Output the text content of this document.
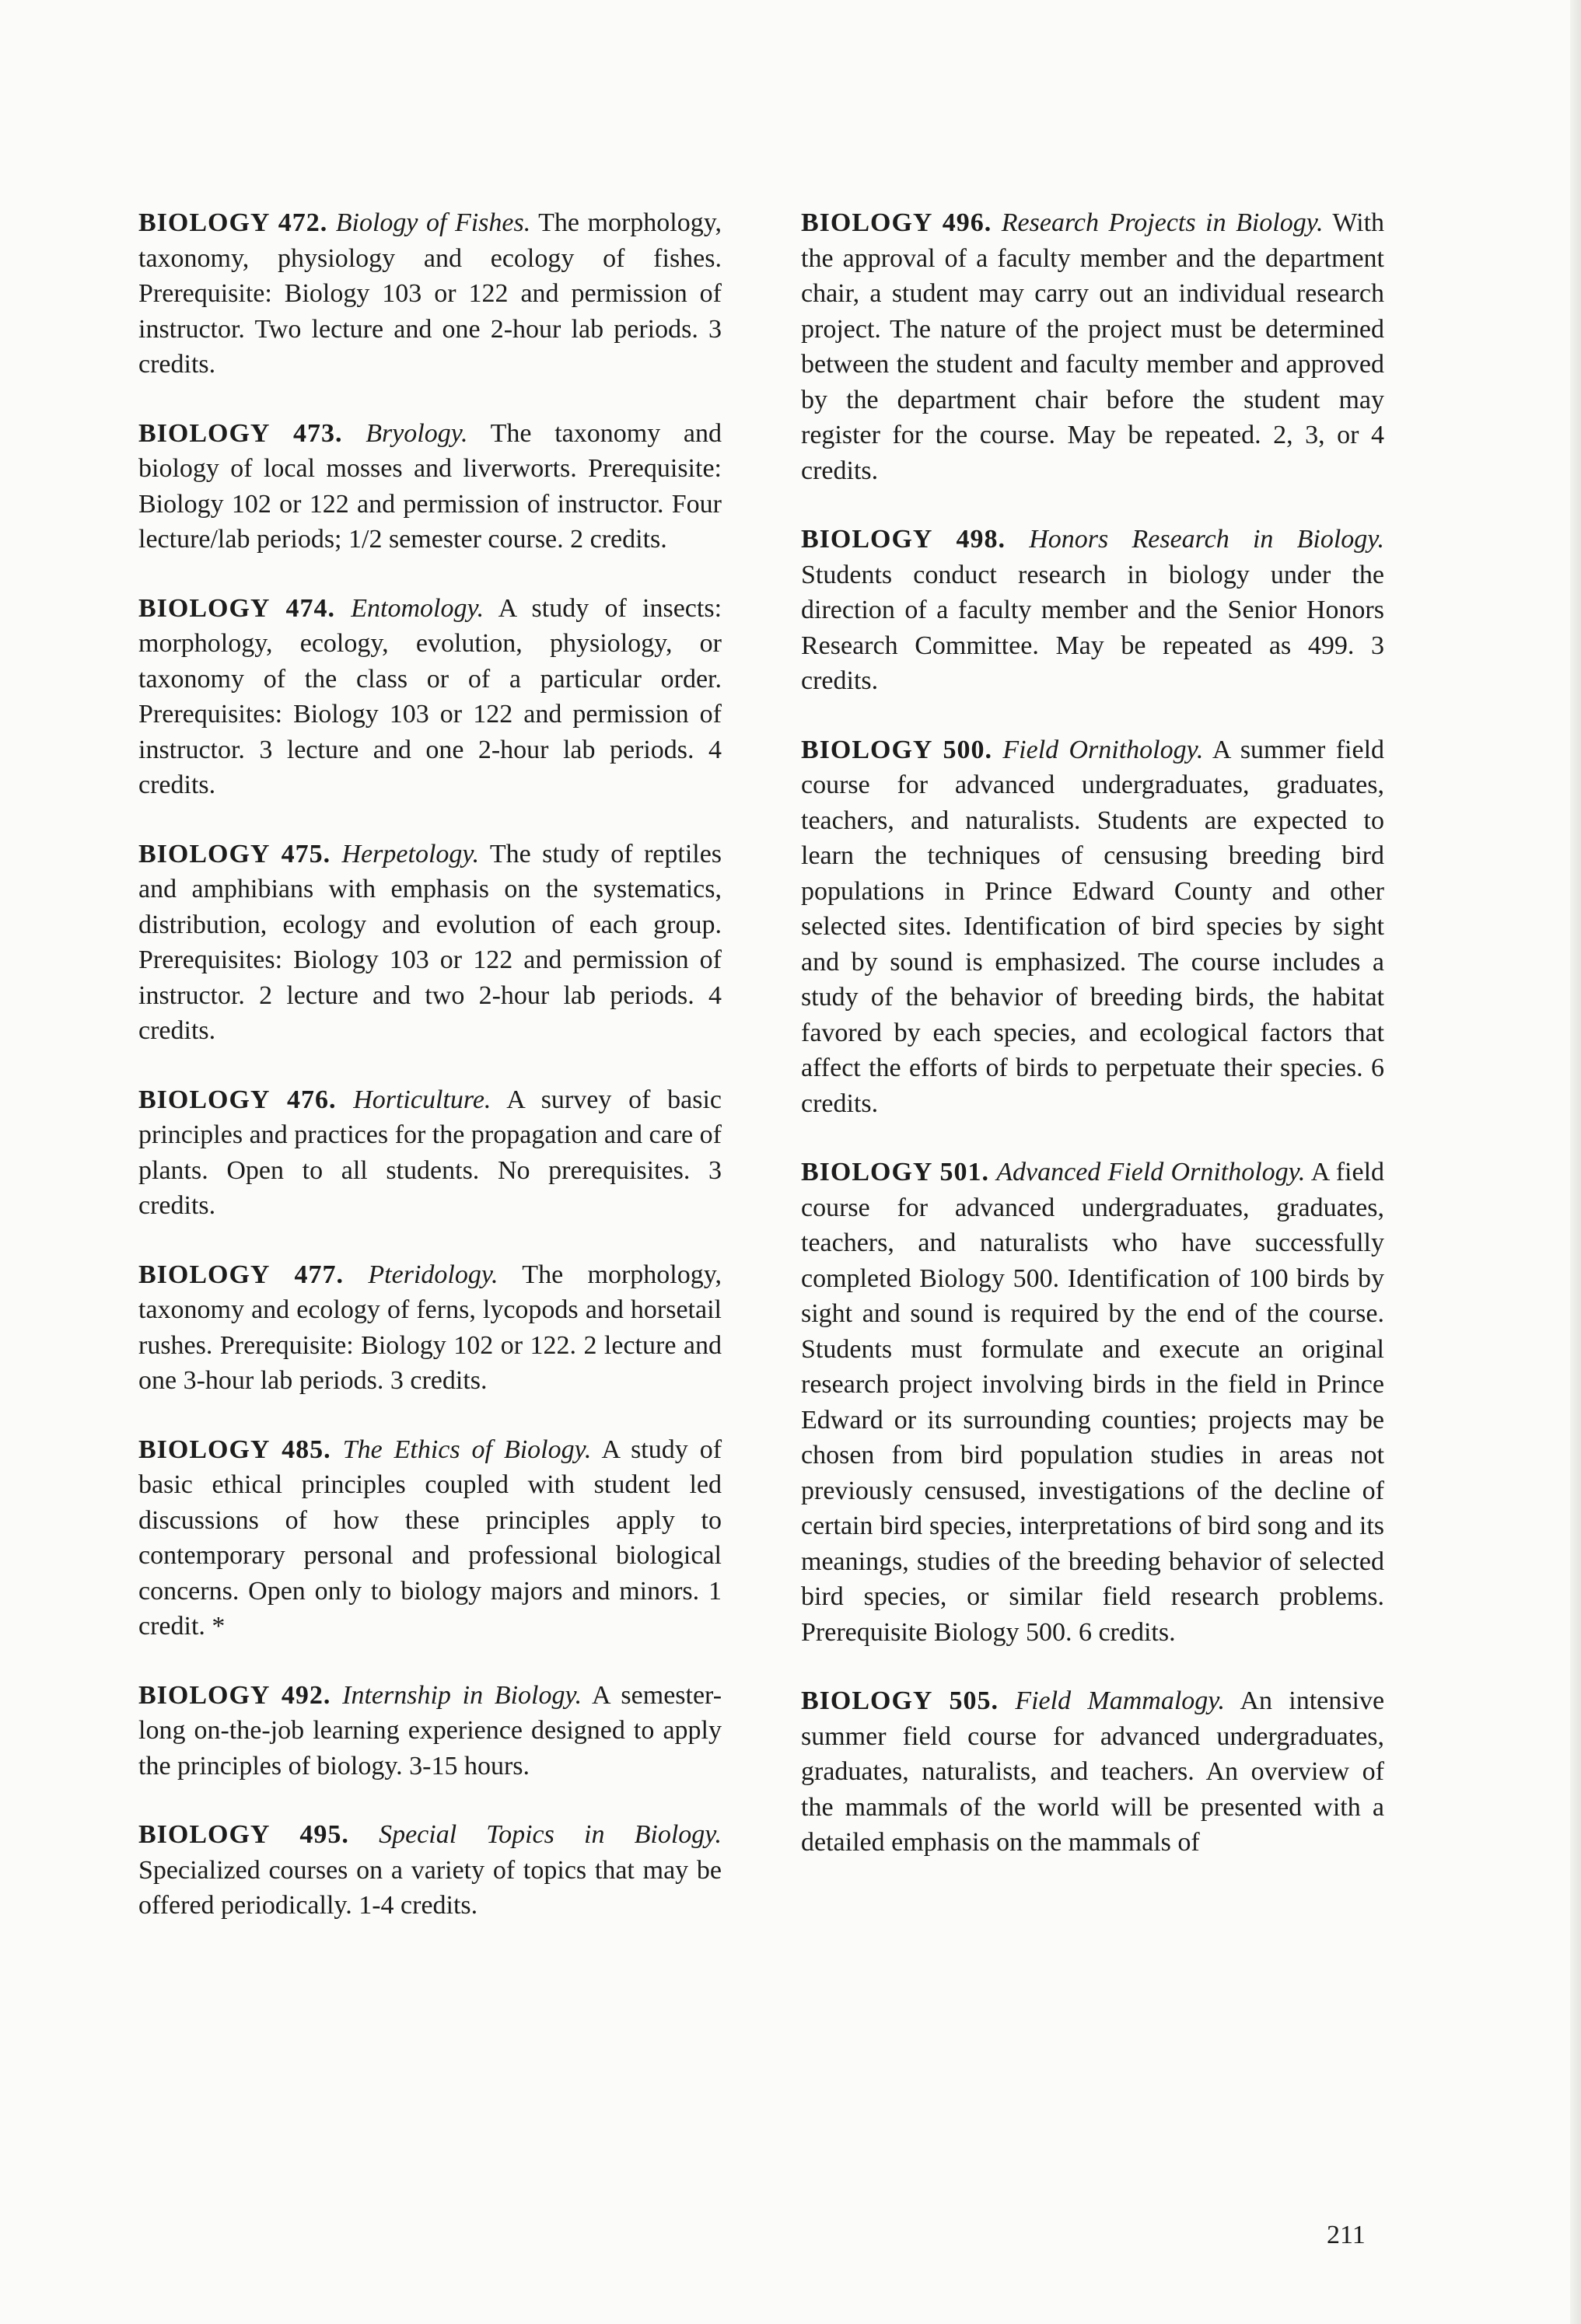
BIOLOGY 472. Biology of Fishes. The morphology, taxonomy, physiology and ecology of fishes. Prerequisite: Biology 103 or 122 and permission of instructor. Two lecture and one 2-hour lab periods. 3 credits.

BIOLOGY 473. Bryology. The taxonomy and biology of local mosses and liverworts. Prerequisite: Biology 102 or 122 and permission of instructor. Four lecture/lab periods; 1/2 semester course. 2 credits.

BIOLOGY 474. Entomology. A study of insects: morphology, ecology, evolution, physiology, or taxonomy of the class or of a particular order. Prerequisites: Biology 103 or 122 and permission of instructor. 3 lecture and one 2-hour lab periods. 4 credits.

BIOLOGY 475. Herpetology. The study of reptiles and amphibians with emphasis on the systematics, distribution, ecology and evolution of each group. Prerequisites: Biology 103 or 122 and permission of instructor. 2 lecture and two 2-hour lab periods. 4 credits.

BIOLOGY 476. Horticulture. A survey of basic principles and practices for the propagation and care of plants. Open to all students. No prerequisites. 3 credits.

BIOLOGY 477. Pteridology. The morphology, taxonomy and ecology of ferns, lycopods and horsetail rushes. Prerequisite: Biology 102 or 122. 2 lecture and one 3-hour lab periods. 3 credits.

BIOLOGY 485. The Ethics of Biology. A study of basic ethical principles coupled with student led discussions of how these principles apply to contemporary personal and professional biological concerns. Open only to biology majors and minors. 1 credit. *

BIOLOGY 492. Internship in Biology. A semester-long on-the-job learning experience designed to apply the principles of biology. 3-15 hours.

BIOLOGY 495. Special Topics in Biology. Specialized courses on a variety of topics that may be offered periodically. 1-4 credits.

BIOLOGY 496. Research Projects in Biology. With the approval of a faculty member and the department chair, a student may carry out an individual research project. The nature of the project must be determined between the student and faculty member and approved by the department chair before the student may register for the course. May be repeated. 2, 3, or 4 credits.

BIOLOGY 498. Honors Research in Biology. Students conduct research in biology under the direction of a faculty member and the Senior Honors Research Committee. May be repeated as 499. 3 credits.

BIOLOGY 500. Field Ornithology. A summer field course for advanced undergraduates, graduates, teachers, and naturalists. Students are expected to learn the techniques of censusing breeding bird populations in Prince Edward County and other selected sites. Identification of bird species by sight and by sound is emphasized. The course includes a study of the behavior of breeding birds, the habitat favored by each species, and ecological factors that affect the efforts of birds to perpetuate their species. 6 credits.

BIOLOGY 501. Advanced Field Ornithology. A field course for advanced undergraduates, graduates, teachers, and naturalists who have successfully completed Biology 500. Identification of 100 birds by sight and sound is required by the end of the course. Students must formulate and execute an original research project involving birds in the field in Prince Edward or its surrounding counties; projects may be chosen from bird population studies in areas not previously censused, investigations of the decline of certain bird species, interpretations of bird song and its meanings, studies of the breeding behavior of selected bird species, or similar field research problems. Prerequisite Biology 500. 6 credits.

BIOLOGY 505. Field Mammalogy. An intensive summer field course for advanced undergraduates, graduates, naturalists, and teachers. An overview of the mammals of the world will be presented with a detailed emphasis on the mammals of

211
